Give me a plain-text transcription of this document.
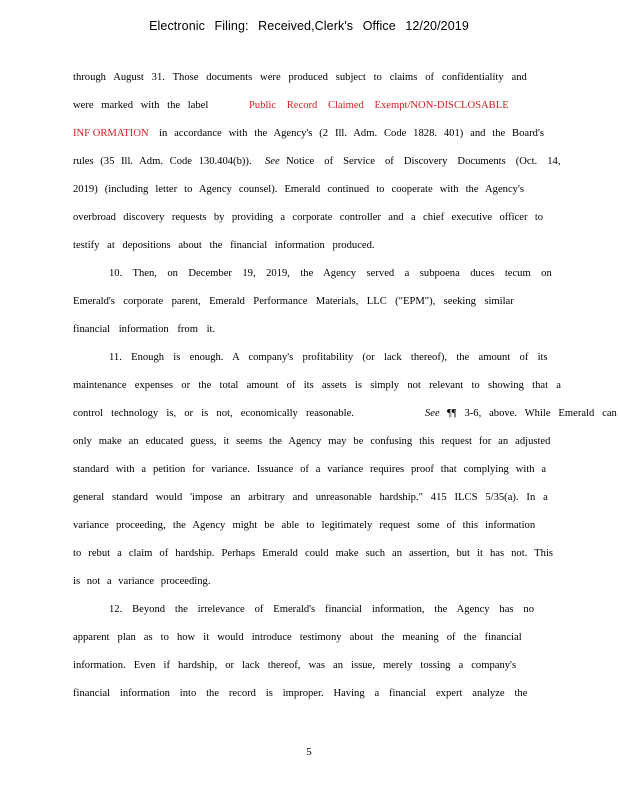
Electronic Filing: Received,Clerk's Office 12/20/2019
through August 31. Those documents were produced subject to claims of confidentiality and
were marked with the label	Public Record Claimed Exempt/NON-DISCLOSABLE
INF ORMATION in accordance with the Agency's (2 Ill. Adm. Code 1828. 401) and the Board's
rules (35 Ill. Adm. Code 130.404(b)). See Notice of Service of Discovery Documents (Oct. 14,
2019) (including letter to Agency counsel). Emerald continued to cooperate with the Agency's
overbroad discovery requests by providing a corporate controller and a chief executive officer to
testify at depositions about the financial information produced.
10. Then, on December 19, 2019, the Agency served a subpoena duces tecum on
Emerald's corporate parent, Emerald Performance Materials, LLC ("EPM"), seeking similar
financial information from it.
11. Enough is enough. A company's profitability (or lack thereof), the amount of its
maintenance expenses or the total amount of its assets is simply not relevant to showing that a
control technology is, or is not, economically reasonable.	See ¶¶ 3-6, above. While Emerald can
only make an educated guess, it seems the Agency may be confusing this request for an adjusted
standard with a petition for variance. Issuance of a variance requires proof that complying with a
general standard would 'impose an arbitrary and unreasonable hardship." 415 ILCS 5/35(a). In a
variance proceeding, the Agency might be able to legitimately request some of this information
to rebut a claim of hardship. Perhaps Emerald could make such an assertion, but it has not. This
is not a variance proceeding.
12. Beyond the irrelevance of Emerald's financial information, the Agency has no
apparent plan as to how it would introduce testimony about the meaning of the financial
information. Even if hardship, or lack thereof, was an issue, merely tossing a company's
financial information into the record is improper. Having a financial expert analyze the
5
